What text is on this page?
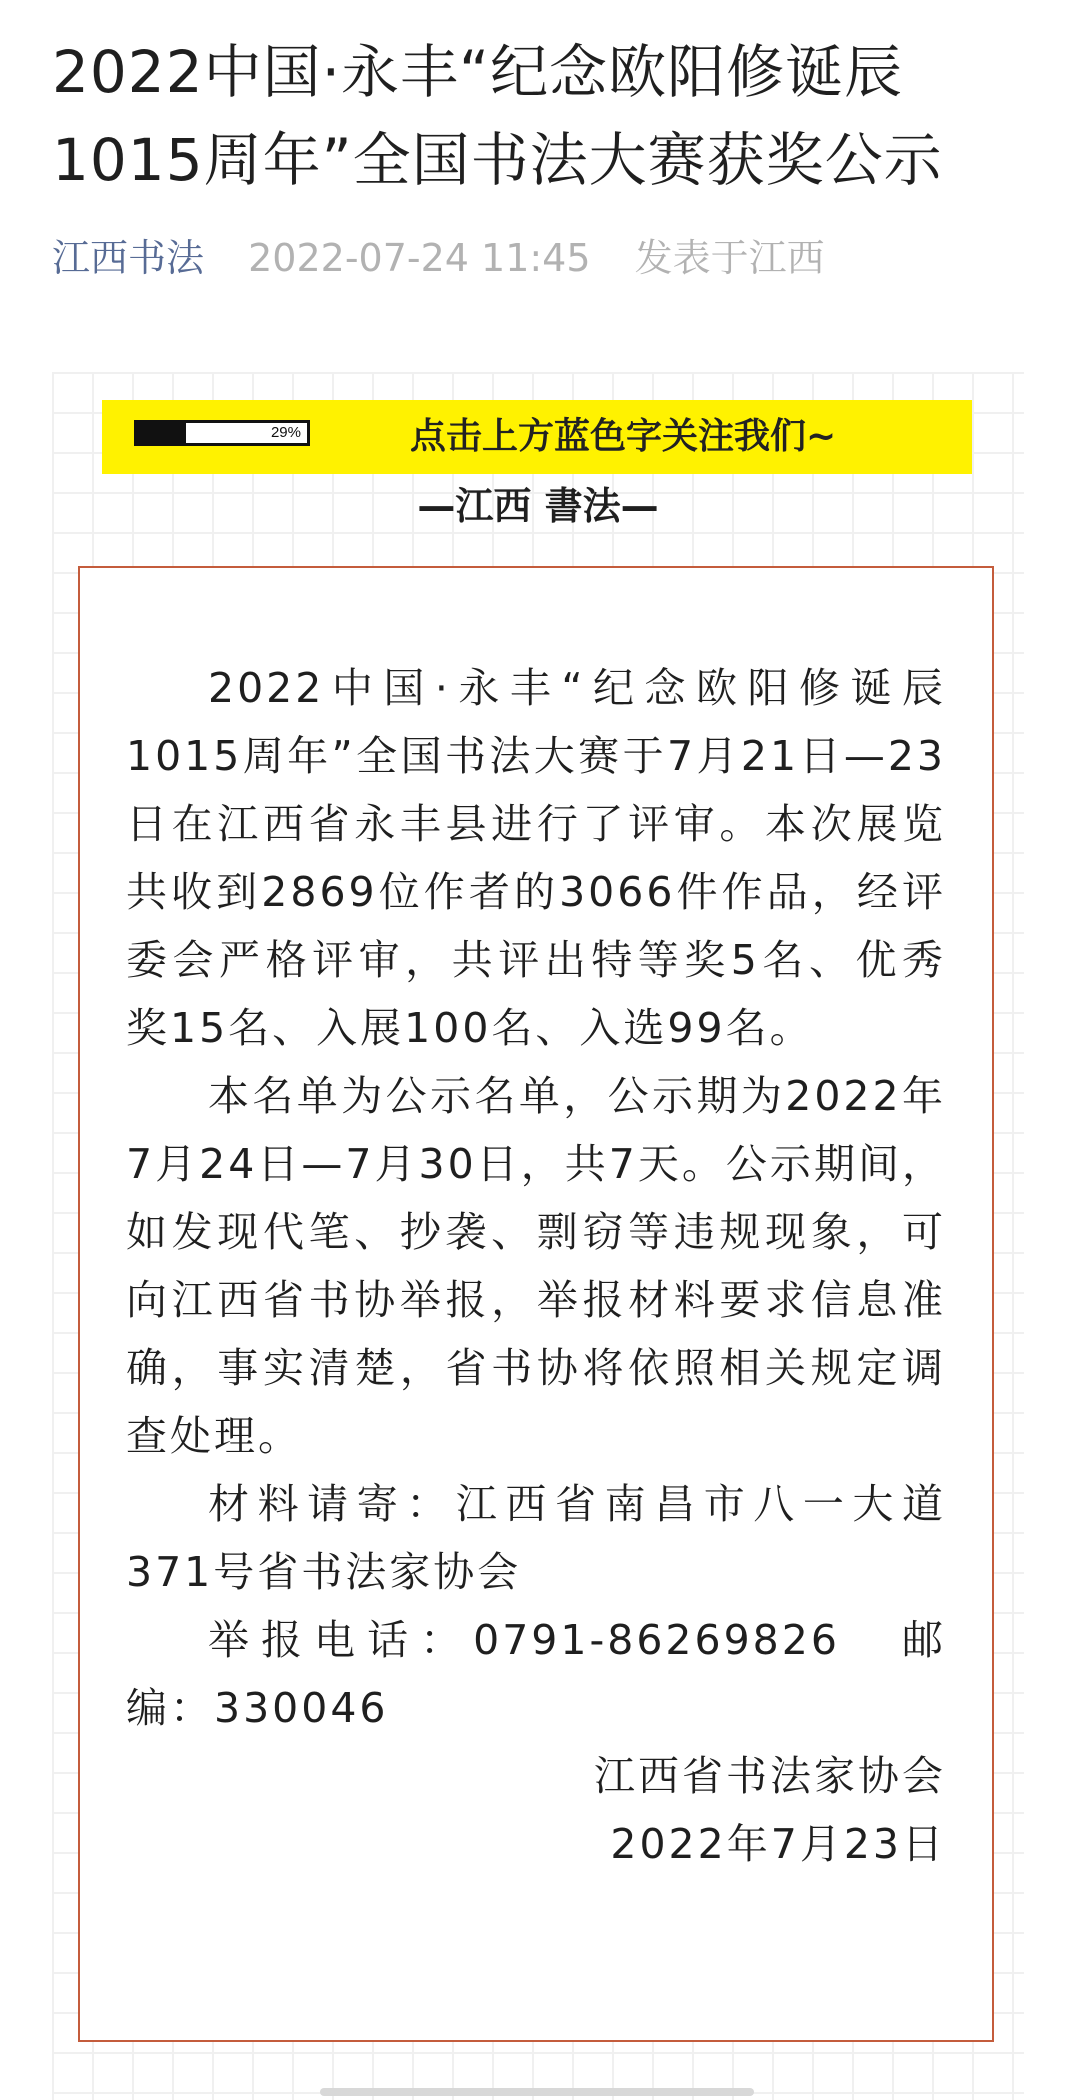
2022中国·永丰“纪念欧阳修诞辰
1015周年”全国书法大赛获奖公示
江西书法 2022-07-24 11:45 发表于江西
29%	点击上方蓝色字关注我们~
—江西 書法—

2022中国·永丰“纪念欧阳修诞辰1015周年”全国书法大赛于7月21日—23日在江西省永丰县进行了评审。本次展览共收到2869位作者的3066件作品，经评委会严格评审，共评出特等奖5名、优秀奖15名、入展100名、入选99名。

本名单为公示名单，公示期为2022年7月24日—7月30日，共7天。公示期间，如发现代笔、抄袭、剽窃等违规现象，可向江西省书协举报，举报材料要求信息准确，事实清楚，省书协将依照相关规定调查处理。

材料请寄：江西省南昌市八一大道371号省书法家协会

举报电话：0791-86269826　邮编：330046

江西省书法家协会

2022年7月23日
